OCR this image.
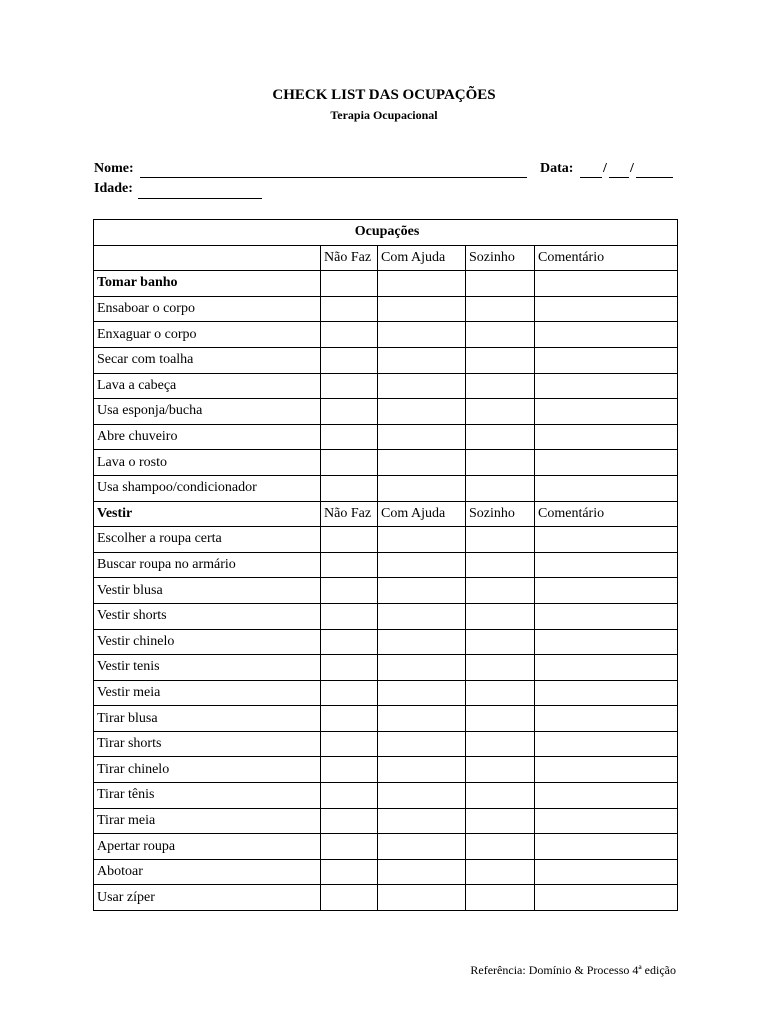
CHECK LIST DAS OCUPAÇÕES
Terapia Ocupacional
Nome:	Data: / /
Idade:
Ocupações				
	Não Faz	Com Ajuda	Sozinho	Comentário
Tomar banho				
Ensaboar o corpo				
Enxaguar o corpo				
Secar com toalha				
Lava a cabeça				
Usa esponja/bucha				
Abre chuveiro				
Lava o rosto				
Usa shampoo/condicionador				
Vestir	Não Faz	Com Ajuda	Sozinho	Comentário
Escolher a roupa certa				
Buscar roupa no armário				
Vestir blusa				
Vestir shorts				
Vestir chinelo				
Vestir tenis				
Vestir meia				
Tirar blusa				
Tirar shorts				
Tirar chinelo				
Tirar tênis				
Tirar meia				
Apertar roupa				
Abotoar				
Usar zíper				
Referência: Domínio & Processo 4ª edição
